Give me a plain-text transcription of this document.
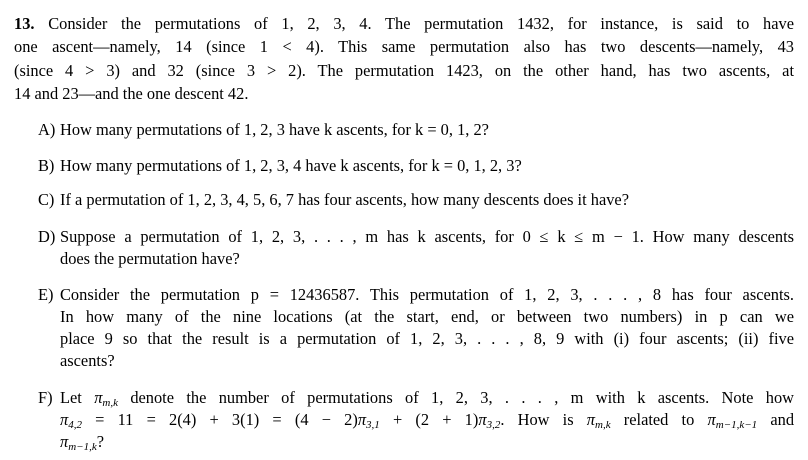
13. Consider the permutations of 1, 2, 3, 4. The permutation 1432, for instance, is said to have
one ascent—namely, 14 (since 1 < 4). This same permutation also has two descents—namely, 43
(since 4 > 3) and 32 (since 3 > 2). The permutation 1423, on the other hand, has two ascents, at
14 and 23—and the one descent 42.
A) How many permutations of 1, 2, 3 have k ascents, for k = 0, 1, 2?
B) How many permutations of 1, 2, 3, 4 have k ascents, for k = 0, 1, 2, 3?
C) If a permutation of 1, 2, 3, 4, 5, 6, 7 has four ascents, how many descents does it have?
D) Suppose a permutation of 1, 2, 3, . . . , m has k ascents, for 0 ≤ k ≤ m − 1. How many descents
does the permutation have?
E) Consider the permutation p = 12436587. This permutation of 1, 2, 3, . . . , 8 has four ascents.
In how many of the nine locations (at the start, end, or between two numbers) in p can we
place 9 so that the result is a permutation of 1, 2, 3, . . . , 8, 9 with (i) four ascents; (ii) five
ascents?
F) Let $\pi_{m,k}$ denote the number of permutations of 1, 2, 3, . . . , m with k ascents. Note how
$\pi_{4,2} = 11 = 2(4) + 3(1) = (4 - 2)\pi_{3,1} + (2 + 1)\pi_{3,2}$. How is $\pi_{m,k}$ related to $\pi_{m-1,k-1}$ and
$\pi_{m-1,k}$?
